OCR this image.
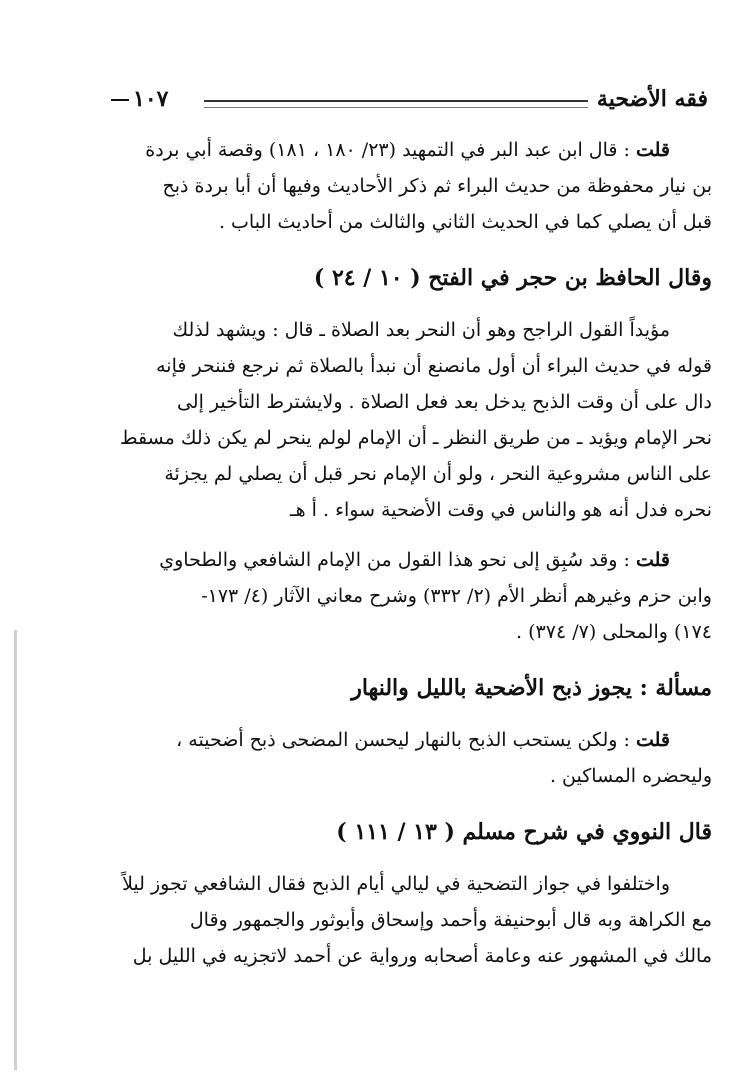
١٠٧	فقه الأضحية
قلت : قال ابن عبد البر في التمهيد (٢٣/ ١٨٠ ، ١٨١) وقصة أبي بردة
بن نيار محفوظة من حديث البراء ثم ذكر الأحاديث وفيها أن أبا بردة ذبح
قبل أن يصلي كما في الحديث الثاني والثالث من أحاديث الباب .
وقال الحافظ بن حجر في الفتح ( ١٠ / ٢٤ )
مؤيداً القول الراجح وهو أن النحر بعد الصلاة ـ قال : ويشهد لذلك
قوله في حديث البراء أن أول مانصنع أن نبدأ بالصلاة ثم نرجع فننحر فإنه
دال على أن وقت الذبح يدخل بعد فعل الصلاة . ولايشترط التأخير إلى
نحر الإمام ويؤيد ـ من طريق النظر ـ أن الإمام لولم ينحر لم يكن ذلك مسقط
على الناس مشروعية النحر ، ولو أن الإمام نحر قبل أن يصلي لم يجزئة
نحره فدل أنه هو والناس في وقت الأضحية سواء . أ هـ
قلت : وقد سُبِق إلى نحو هذا القول من الإمام الشافعي والطحاوي
وابن حزم وغيرهم أنظر الأم (٢/ ٣٣٢) وشرح معاني الآثار (٤/ ١٧٣-
١٧٤) والمحلى (٧/ ٣٧٤) .
مسألة : يجوز ذبح الأضحية بالليل والنهار
قلت : ولكن يستحب الذبح بالنهار ليحسن المضحى ذبح أضحيته ،
وليحضره المساكين .
قال النووي في شرح مسلم ( ١٣ / ١١١ )
واختلفوا في جواز التضحية في ليالي أيام الذبح فقال الشافعي تجوز ليلاً
مع الكراهة وبه قال أبوحنيفة وأحمد وإسحاق وأبوثور والجمهور وقال
مالك في المشهور عنه وعامة أصحابه ورواية عن أحمد لاتجزيه في الليل بل
